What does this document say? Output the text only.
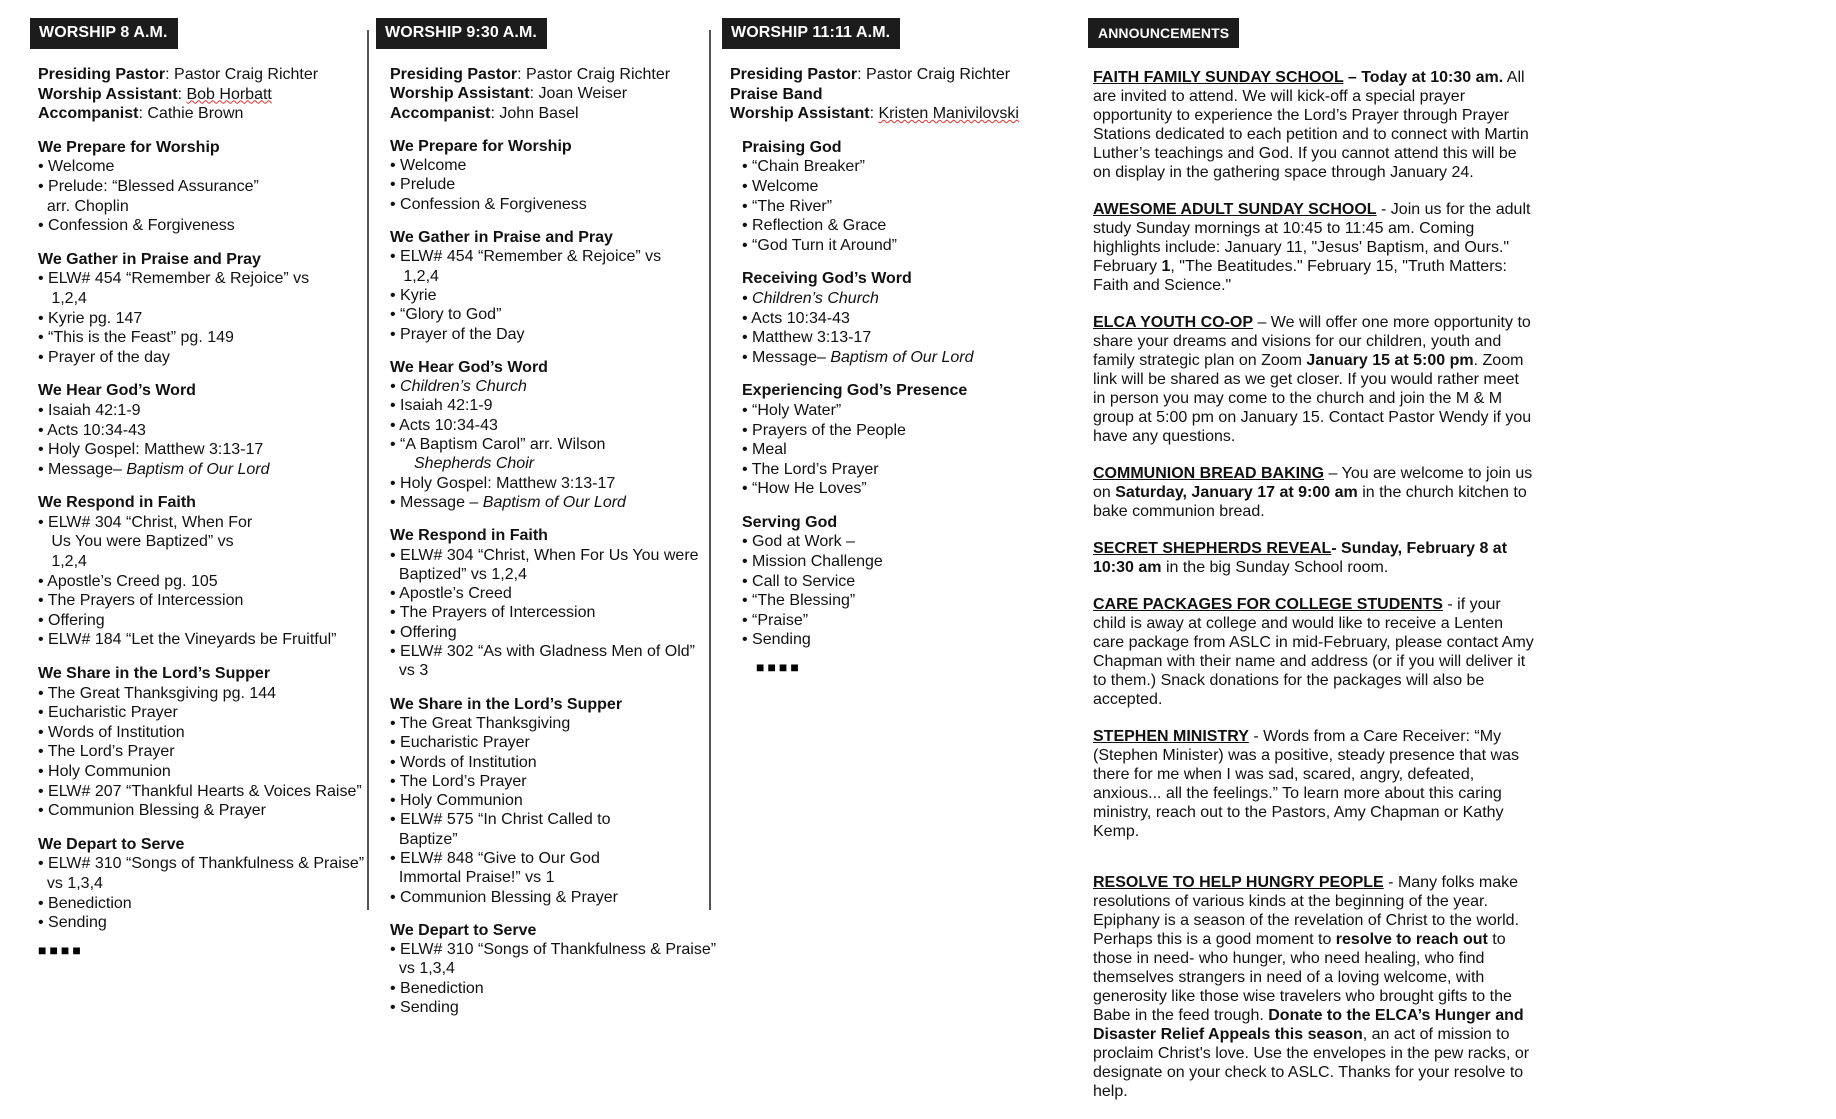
WORSHIP 8 A.M.
Presiding Pastor: Pastor Craig Richter
Worship Assistant: Bob Horbatt
Accompanist: Cathie Brown
We Prepare for Worship
• Welcome
• Prelude: “Blessed Assurance”
arr. Choplin
• Confession & Forgiveness
We Gather in Praise and Pray
• ELW# 454 “Remember & Rejoice” vs
1,2,4
• Kyrie pg. 147
• “This is the Feast” pg. 149
• Prayer of the day
We Hear God’s Word
• Isaiah 42:1-9
• Acts 10:34-43
• Holy Gospel: Matthew 3:13-17
• Message– Baptism of Our Lord
We Respond in Faith
• ELW# 304 “Christ, When For
Us You were Baptized” vs
1,2,4
• Apostle’s Creed pg. 105
• The Prayers of Intercession
• Offering
• ELW# 184 “Let the Vineyards be Fruitful”
We Share in the Lord’s Supper
• The Great Thanksgiving pg. 144
• Eucharistic Prayer
• Words of Institution
• The Lord’s Prayer
• Holy Communion
• ELW# 207 “Thankful Hearts & Voices Raise”
• Communion Blessing & Prayer
We Depart to Serve
• ELW# 310 “Songs of Thankfulness & Praise”
vs 1,3,4
• Benediction
• Sending
■■■■
WORSHIP 9:30 A.M.
Presiding Pastor: Pastor Craig Richter
Worship Assistant: Joan Weiser
Accompanist: John Basel
We Prepare for Worship
• Welcome
• Prelude
• Confession & Forgiveness
We Gather in Praise and Pray
• ELW# 454 “Remember & Rejoice” vs
1,2,4
• Kyrie
• “Glory to God”
• Prayer of the Day
We Hear God’s Word
• Children’s Church
• Isaiah 42:1-9
• Acts 10:34-43
• “A Baptism Carol” arr. Wilson
Shepherds Choir
• Holy Gospel: Matthew 3:13-17
• Message – Baptism of Our Lord
We Respond in Faith
• ELW# 304 “Christ, When For Us You were
Baptized” vs 1,2,4
• Apostle’s Creed
• The Prayers of Intercession
• Offering
• ELW# 302 “As with Gladness Men of Old”
vs 3
We Share in the Lord’s Supper
• The Great Thanksgiving
• Eucharistic Prayer
• Words of Institution
• The Lord’s Prayer
• Holy Communion
• ELW# 575 “In Christ Called to
Baptize”
• ELW# 848 “Give to Our God
Immortal Praise!” vs 1
• Communion Blessing & Prayer
We Depart to Serve
• ELW# 310 “Songs of Thankfulness & Praise”
vs 1,3,4
• Benediction
• Sending
WORSHIP 11:11 A.M.
Presiding Pastor: Pastor Craig Richter
Praise Band
Worship Assistant: Kristen Manivilovski
Praising God
• “Chain Breaker”
• Welcome
• “The River”
• Reflection & Grace
• “God Turn it Around”
Receiving God’s Word
• Children’s Church
• Acts 10:34-43
• Matthew 3:13-17
• Message– Baptism of Our Lord
Experiencing God’s Presence
• “Holy Water”
• Prayers of the People
• Meal
• The Lord’s Prayer
• “How He Loves”
Serving God
• God at Work –
• Mission Challenge
• Call to Service
• “The Blessing”
• “Praise”
• Sending
■■■■
ANNOUNCEMENTS

FAITH FAMILY SUNDAY SCHOOL – Today at 10:30 am. All are invited to attend. We will kick-off a special prayer opportunity to experience the Lord’s Prayer through Prayer Stations dedicated to each petition and to connect with Martin Luther’s teachings and God. If you cannot attend this will be on display in the gathering space through January 24.

AWESOME ADULT SUNDAY SCHOOL - Join us for the adult study Sunday mornings at 10:45 to 11:45 am. Coming highlights include: January 11, "Jesus' Baptism, and Ours." February 1, "The Beatitudes." February 15, "Truth Matters: Faith and Science."

ELCA YOUTH CO-OP – We will offer one more opportunity to share your dreams and visions for our children, youth and family strategic plan on Zoom January 15 at 5:00 pm. Zoom link will be shared as we get closer. If you would rather meet in person you may come to the church and join the M & M group at 5:00 pm on January 15. Contact Pastor Wendy if you have any questions.

COMMUNION BREAD BAKING – You are welcome to join us on Saturday, January 17 at 9:00 am in the church kitchen to bake communion bread.

SECRET SHEPHERDS REVEAL- Sunday, February 8 at 10:30 am in the big Sunday School room.

CARE PACKAGES FOR COLLEGE STUDENTS - if your child is away at college and would like to receive a Lenten care package from ASLC in mid-February, please contact Amy Chapman with their name and address (or if you will deliver it to them.) Snack donations for the packages will also be accepted.

STEPHEN MINISTRY - Words from a Care Receiver: “My (Stephen Minister) was a positive, steady presence that was there for me when I was sad, scared, angry, defeated, anxious... all the feelings.” To learn more about this caring ministry, reach out to the Pastors, Amy Chapman or Kathy Kemp.

RESOLVE TO HELP HUNGRY PEOPLE - Many folks make resolutions of various kinds at the beginning of the year. Epiphany is a season of the revelation of Christ to the world. Perhaps this is a good moment to resolve to reach out to those in need- who hunger, who need healing, who find themselves strangers in need of a loving welcome, with generosity like those wise travelers who brought gifts to the Babe in the feed trough. Donate to the ELCA’s Hunger and Disaster Relief Appeals this season, an act of mission to proclaim Christ's love. Use the envelopes in the pew racks, or designate on your check to ASLC. Thanks for your resolve to help.
